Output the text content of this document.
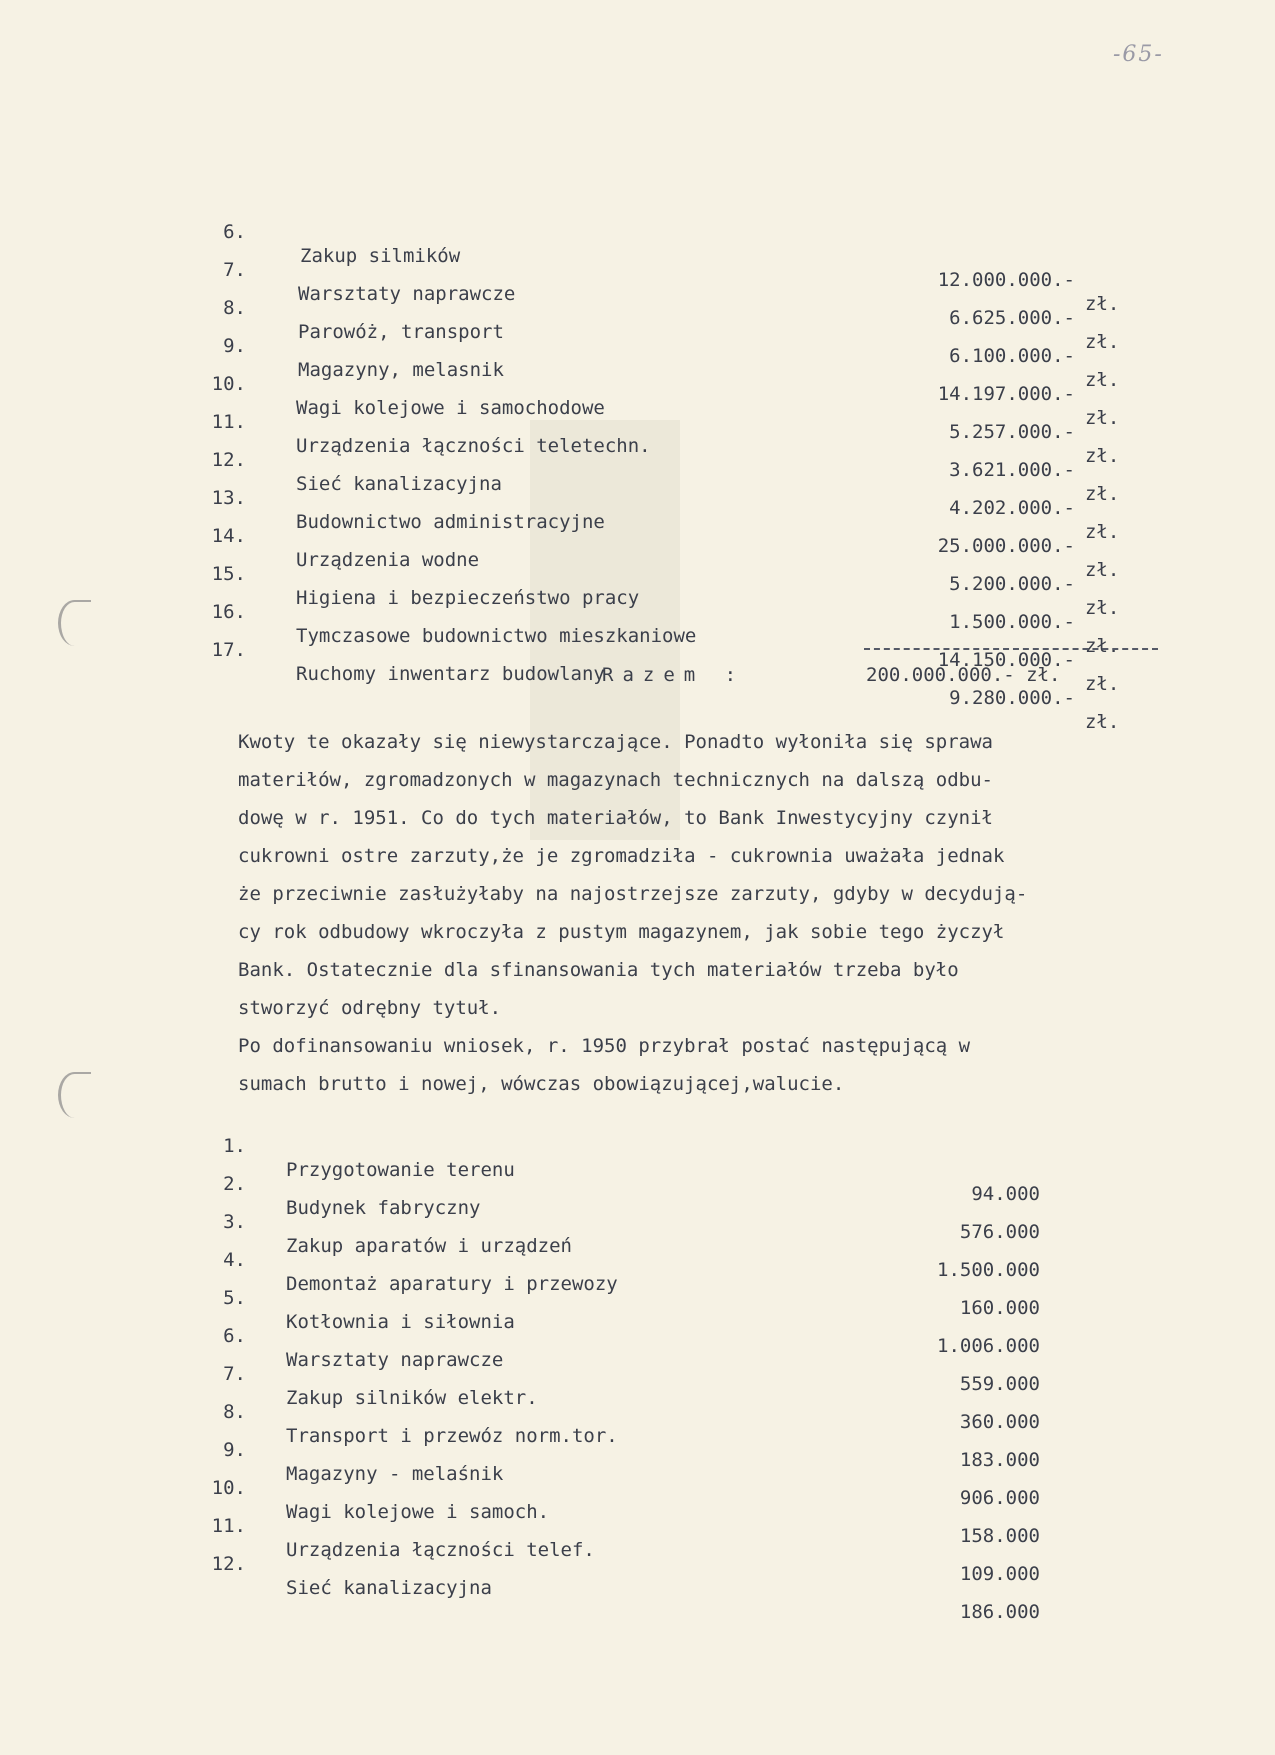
-65-

6.

Zakup silmików

12.000.000.-

zł.

7.

Warsztaty naprawcze

6.625.000.-

zł.

8.

Parowóż, transport

6.100.000.-

zł.

9.

Magazyny, melasnik

14.197.000.-

zł.

10.

Wagi kolejowe i samochodowe

5.257.000.-

zł.

11.

Urządzenia łączności teletechn.

3.621.000.-

zł.

12.

Sieć kanalizacyjna

4.202.000.-

zł.

13.

Budownictwo administracyjne

25.000.000.-

zł.

14.

Urządzenia wodne

5.200.000.-

zł.

15.

Higiena i bezpieczeństwo pracy

1.500.000.-

zł.

16.

Tymczasowe budownictwo mieszkaniowe

14.150.000.-

zł.

17.

Ruchomy inwentarz budowlany

9.280.000.-

zł.

Razem :	200.000.000.- zł.
Kwoty te okazały się niewystarczające. Ponadto wyłoniła się sprawa
materiłów, zgromadzonych w magazynach technicznych na dalszą odbu-
dowę w r. 1951. Co do tych materiałów, to Bank Inwestycyjny czynił
cukrowni ostre zarzuty,że je zgromadziła - cukrownia uważała jednak
że przeciwnie zasłużyłaby na najostrzejsze zarzuty, gdyby w decydują-
cy rok odbudowy wkroczyła z pustym magazynem, jak sobie tego życzył
Bank. Ostatecznie dla sfinansowania tych materiałów trzeba było
stworzyć odrębny tytuł.
Po dofinansowaniu wniosek, r. 1950 przybrał postać następującą w
sumach brutto i nowej, wówczas obowiązującej,walucie.

1.

Przygotowanie terenu

94.000

2.

Budynek fabryczny

576.000

3.

Zakup aparatów i urządzeń

1.500.000

4.

Demontaż aparatury i przewozy

160.000

5.

Kotłownia i siłownia

1.006.000

6.

Warsztaty naprawcze

559.000

7.

Zakup silników elektr.

360.000

8.

Transport i przewóz norm.tor.

183.000

9.

Magazyny - melaśnik

906.000

10.

Wagi kolejowe i samoch.

158.000

11.

Urządzenia łączności telef.

109.000

12.

Sieć kanalizacyjna

186.000
